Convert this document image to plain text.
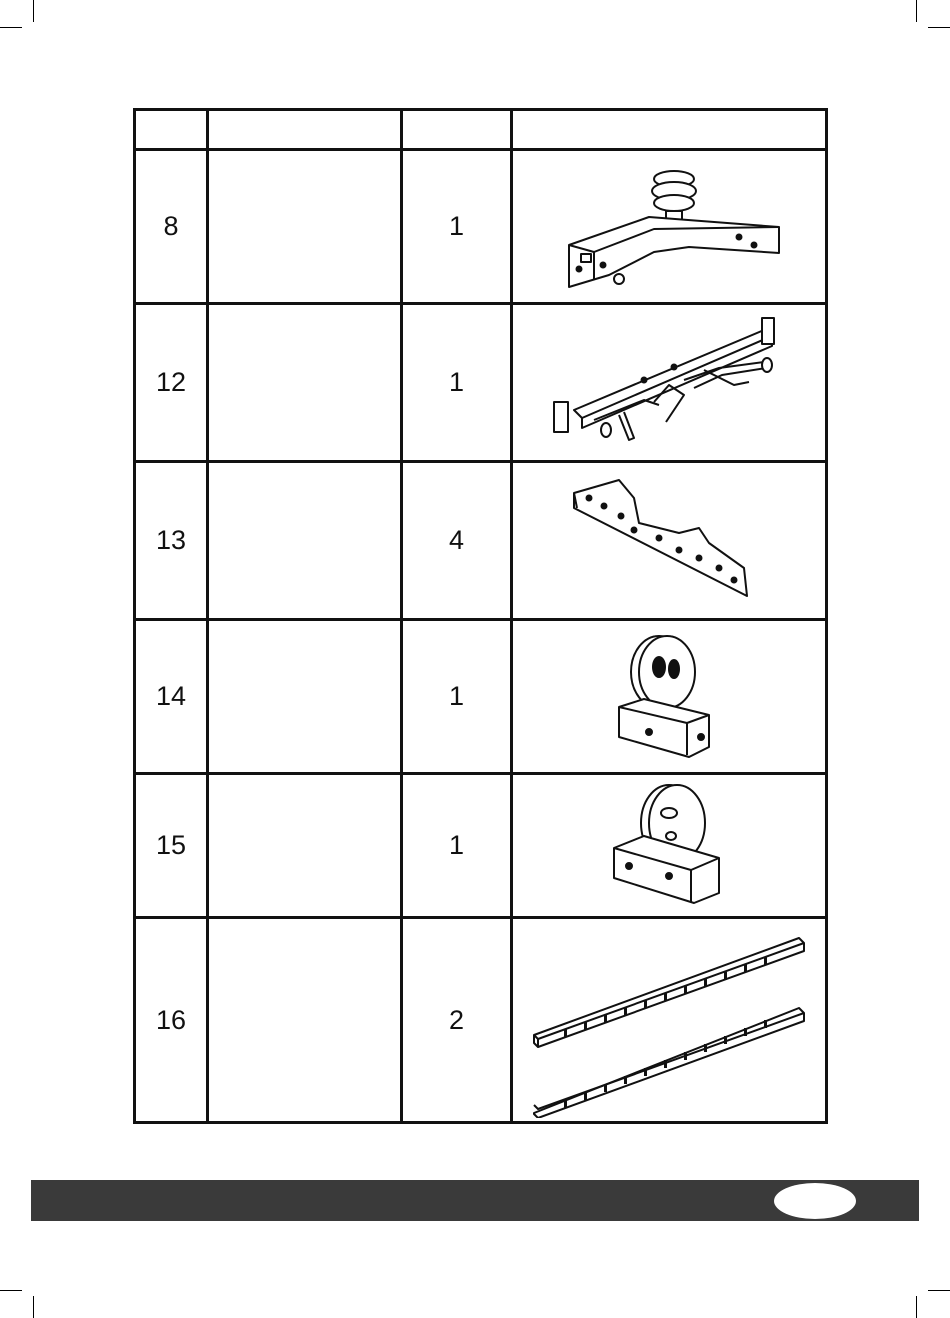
8		1	

12		1	

13		4	

14		1	

15		1	

16		2	
